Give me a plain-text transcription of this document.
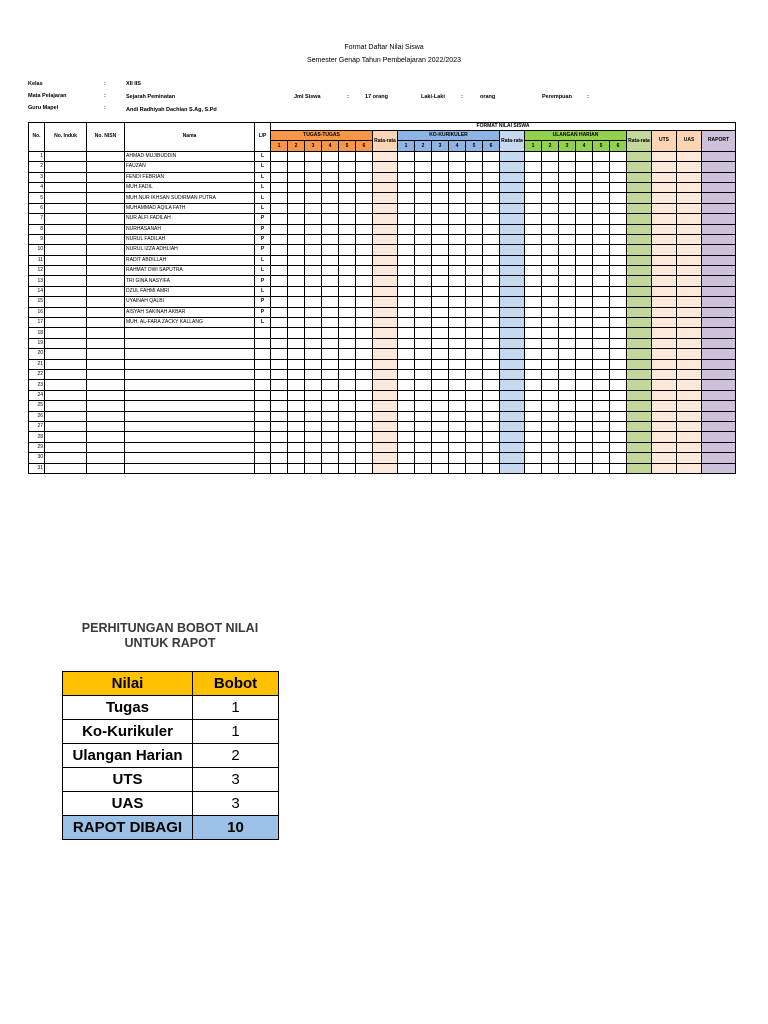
Format Daftar Nilai Siswa
Semester Genap Tahun Pembelajaran 2022/2023
Kelas	:	XII IIS
Mata Pelajaran	:	Sejarah Peminatan	Jml Siswa	:	17 orang	Laki-Laki	:	orang	Perempuan	:
Guru Mapel	:	Andi Radhiyah Dachlan S.Ag, S.Pd
No.	No. Induk	No. NISN	Nama	L/P	FORMAT NILAI SISWA																							
					TUGAS-TUGAS						Rata-rata	KO-KURIKULER						Rata-rata	ULANGAN HARIAN						Rata-rata	UTS	UAS	RAPORT
					1	2	3	4	5	6		1	2	3	4	5	6		1	2	3	4	5	6				
1			AHMAD MUJIBUDDIN	L																								
2			FAUZAN	L																								
3			FENDI FEBRIAN	L																								
4			MUH.FADIL	L																								
5			MUH.NUR IKHSAN SUDIRMAN PUTRA	L																								
6			MUHAMMAD AQILA FATH	L																								
7			NUR ALFI FADILAH	P																								
8			NURHASANAH	P																								
9			NURUL FADILAH	P																								
10			NURUL IZZA ADHLIAH	P																								
11			RADIT ABDILLAH	L																								
12			RAHMAT DWI SAPUTRA	L																								
13			TRI GINA NASYIFA	P																								
14			DZUL FAHMI AMRI	L																								
15			UYAINAH QALBI	P																								
16			AISYAH SAKINAH AKBAR	P																								
17			MUH. AL-FARA ZACKY KALLANG	L																								
18																												
19																												
20																												
21																												
22																												
23																												
24																												
25																												
26																												
27																												
28																												
29																												
30																												
31																												
PERHITUNGAN BOBOT NILAI
UNTUK RAPOT
Nilai	Bobot
Tugas	1
Ko-Kurikuler	1
Ulangan Harian	2
UTS	3
UAS	3
RAPOT DIBAGI	10
